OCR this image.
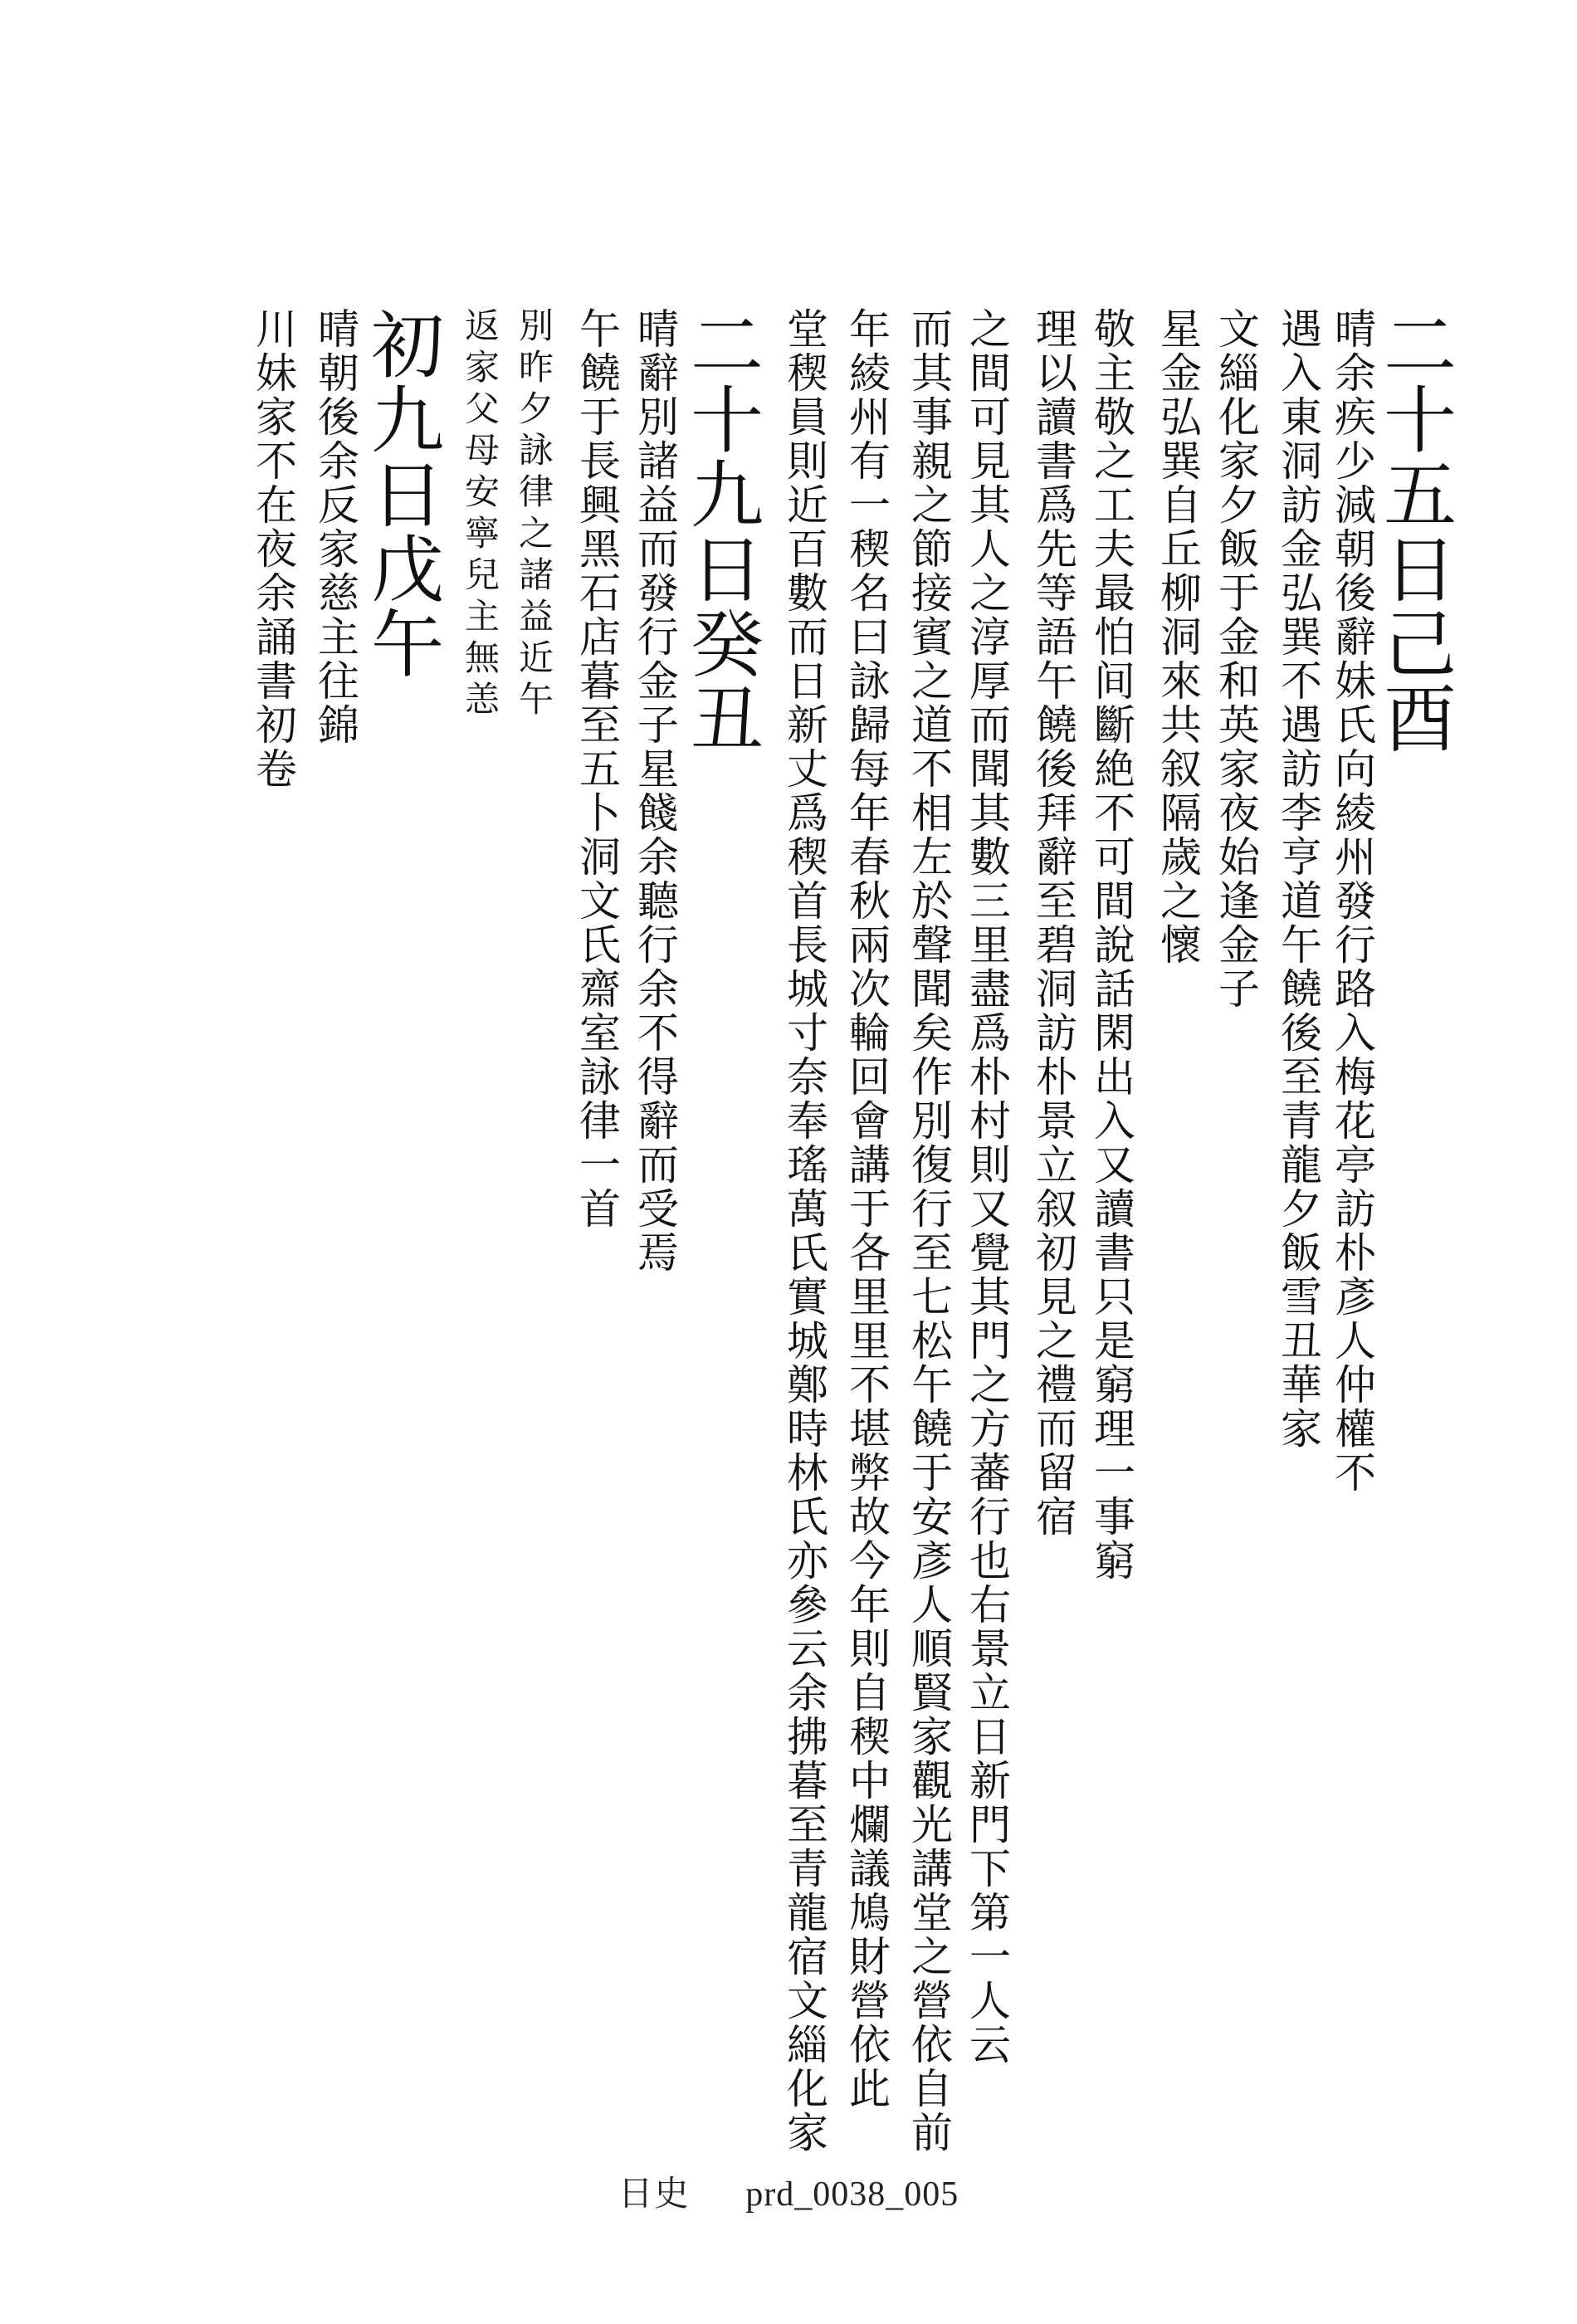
二十五日己酉
晴余疾少減朝後辭妹氏向綾州發行路入梅花亭訪朴彥人仲權不
遇入東洞訪金弘巽不遇訪李亨道午饒後至青龍夕飯雪丑華家
文緇化家夕飯于金和英家夜始逢金子
星金弘巽自丘柳洞來共叙隔歲之懷
敬主敬之工夫最怕间斷絶不可間說話閑出入又讀書只是窮理一事窮
理以讀書爲先等語午饒後拜辭至碧洞訪朴景立叙初見之禮而留宿
之間可見其人之淳厚而聞其數三里盡爲朴村則又覺其門之方蕃行也右景立日新門下第一人云
而其事親之節接賓之道不相左於聲聞矣作別復行至七松午饒于安彥人順賢家觀光講堂之營依自前
年綾州有一稧名曰詠歸每年春秋兩次輪回會講于各里里不堪弊故今年則自稧中爛議鳩財營依此
堂稧員則近百數而日新丈爲稧首長城寸奈奉瑤萬氏實城鄭時林氏亦參云余拂暮至青龍宿文緇化家
二十九日癸丑
晴辭別諸益而發行金子星餞余聽行余不得辭而受焉
午饒于長興黑石店暮至五卜洞文氏齋室詠律一首
別昨夕詠律之諸益近午
返家父母安寧兒主無恙
初九日戊午
晴朝後余反家慈主往錦
川妹家不在夜余誦書初卷
日史 prd_0038_005
